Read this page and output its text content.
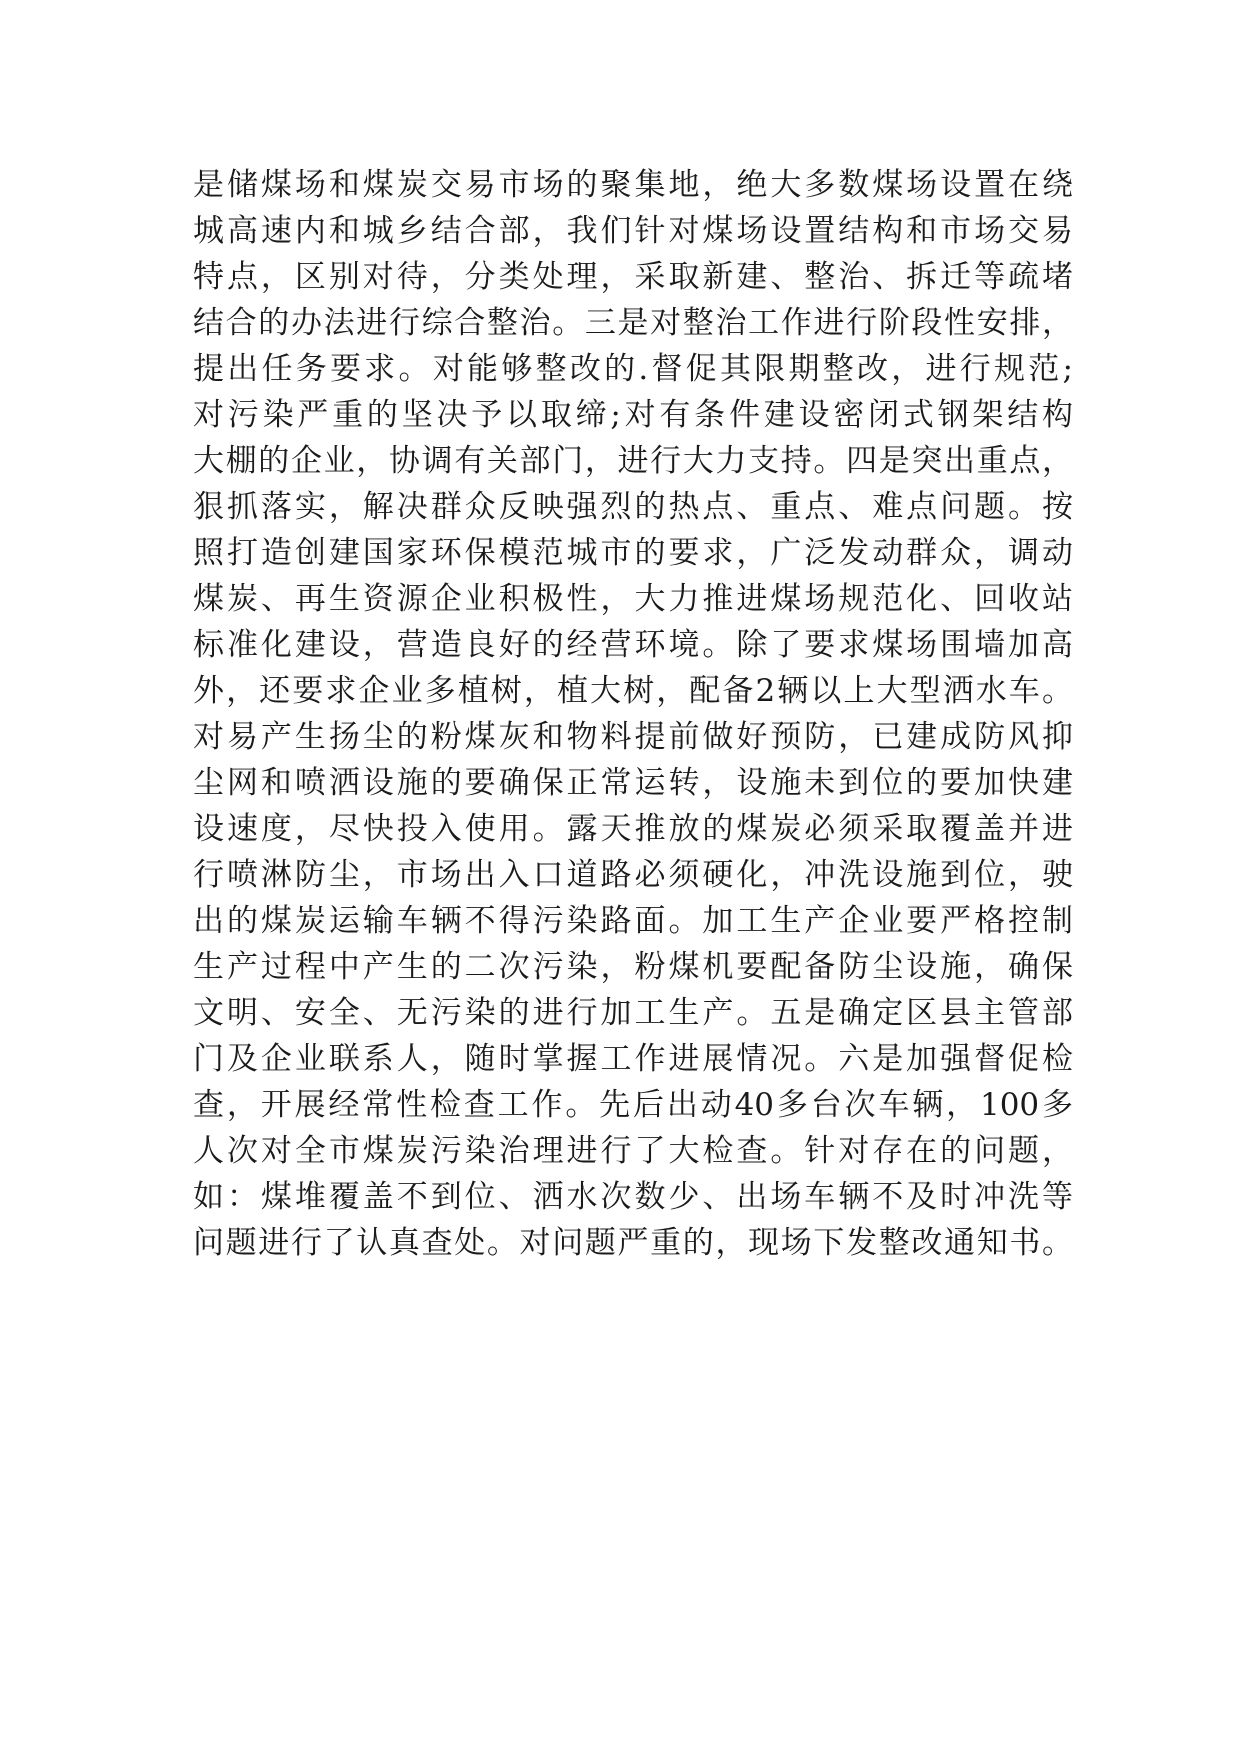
是储煤场和煤炭交易市场的聚集地，绝大多数煤场设置在绕
城高速内和城乡结合部，我们针对煤场设置结构和市场交易
特点，区别对待，分类处理，采取新建、整治、拆迁等疏堵
结合的办法进行综合整治。三是对整治工作进行阶段性安排，
提出任务要求。对能够整改的.督促其限期整改，进行规范;
对污染严重的坚决予以取缔;对有条件建设密闭式钢架结构
大棚的企业，协调有关部门，进行大力支持。四是突出重点，
狠抓落实，解决群众反映强烈的热点、重点、难点问题。按
照打造创建国家环保模范城市的要求，广泛发动群众，调动
煤炭、再生资源企业积极性，大力推进煤场规范化、回收站
标准化建设，营造良好的经营环境。除了要求煤场围墙加高
外，还要求企业多植树，植大树，配备2辆以上大型洒水车。
对易产生扬尘的粉煤灰和物料提前做好预防，已建成防风抑
尘网和喷洒设施的要确保正常运转，设施未到位的要加快建
设速度，尽快投入使用。露天推放的煤炭必须采取覆盖并进
行喷淋防尘，市场出入口道路必须硬化，冲洗设施到位，驶
出的煤炭运输车辆不得污染路面。加工生产企业要严格控制
生产过程中产生的二次污染，粉煤机要配备防尘设施，确保
文明、安全、无污染的进行加工生产。五是确定区县主管部
门及企业联系人，随时掌握工作进展情况。六是加强督促检
查，开展经常性检查工作。先后出动40多台次车辆，100多
人次对全市煤炭污染治理进行了大检查。针对存在的问题，
如：煤堆覆盖不到位、洒水次数少、出场车辆不及时冲洗等
问题进行了认真查处。对问题严重的，现场下发整改通知书。
